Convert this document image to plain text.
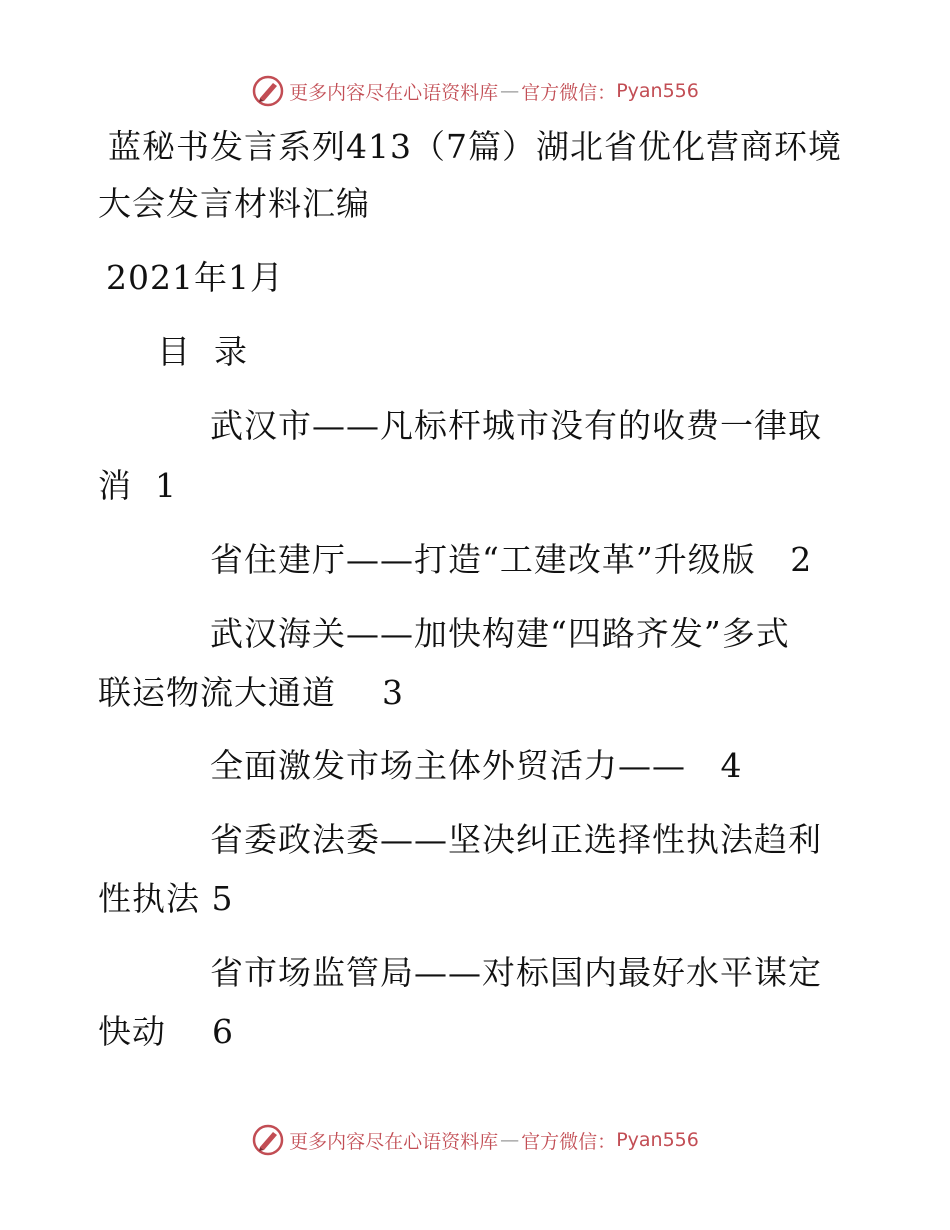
更多内容尽在心语资料库 — 官方微信： Pyan556
蓝秘书发言系列413（7篇）湖北省优化营商环境
大会发言材料汇编
2021年1月
目  录
武汉市——凡标杆城市没有的收费一律取
消  1
省住建厅——打造“工建改革”升级版   2
武汉海关——加快构建“四路齐发”多式
联运物流大通道    3
全面激发市场主体外贸活力——   4
省委政法委——坚决纠正选择性执法趋利
性执法 5
省市场监管局——对标国内最好水平谋定
快动    6
更多内容尽在心语资料库 — 官方微信： Pyan556
